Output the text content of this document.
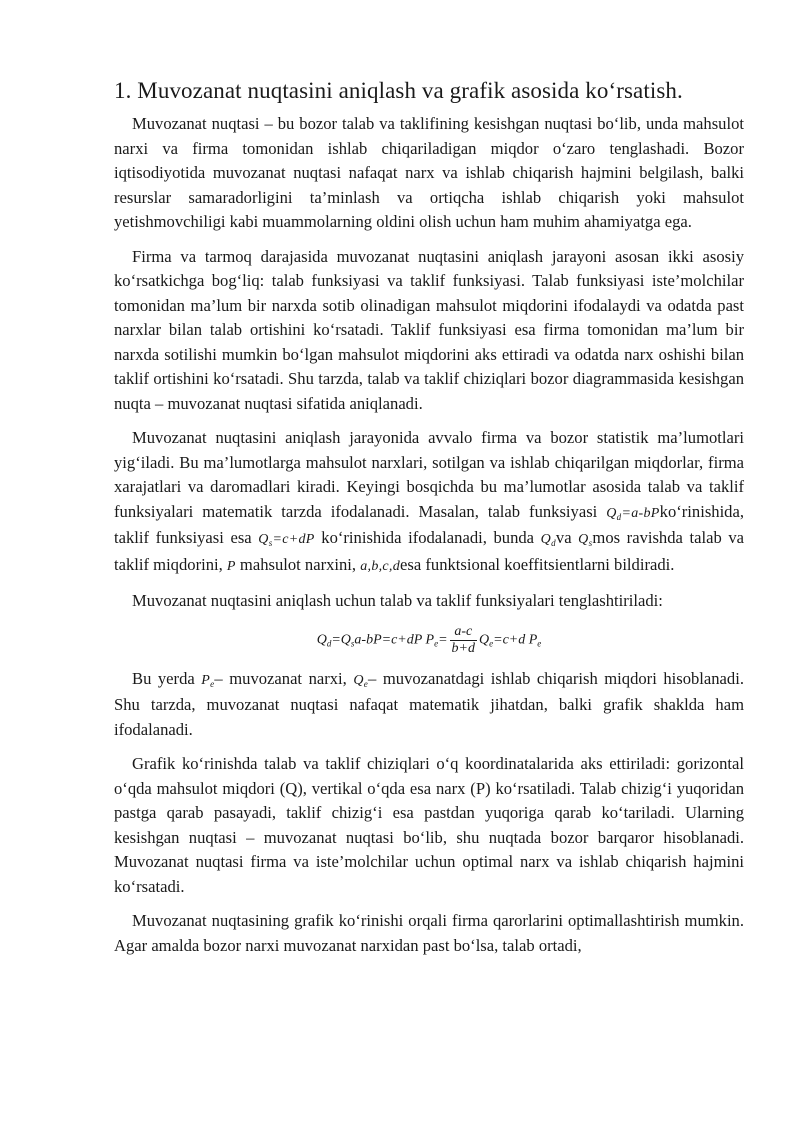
1. Muvozanat nuqtasini aniqlash va grafik asosida ko‘rsatish.

Muvozanat nuqtasi – bu bozor talab va taklifining kesishgan nuqtasi bo‘lib, unda mahsulot narxi va firma tomonidan ishlab chiqariladigan miqdor o‘zaro tenglashadi. Bozor iqtisodiyotida muvozanat nuqtasi nafaqat narx va ishlab chiqarish hajmini belgilash, balki resurslar samaradorligini ta’minlash va ortiqcha ishlab chiqarish yoki mahsulot yetishmovchiligi kabi muammolarning oldini olish uchun ham muhim ahamiyatga ega.

Firma va tarmoq darajasida muvozanat nuqtasini aniqlash jarayoni asosan ikki asosiy ko‘rsatkichga bog‘liq: talab funksiyasi va taklif funksiyasi. Talab funksiyasi iste’molchilar tomonidan ma’lum bir narxda sotib olinadigan mahsulot miqdorini ifodalaydi va odatda past narxlar bilan talab ortishini ko‘rsatadi. Taklif funksiyasi esa firma tomonidan ma’lum bir narxda sotilishi mumkin bo‘lgan mahsulot miqdorini aks ettiradi va odatda narx oshishi bilan taklif ortishini ko‘rsatadi. Shu tarzda, talab va taklif chiziqlari bozor diagrammasida kesishgan nuqta – muvozanat nuqtasi sifatida aniqlanadi.

Muvozanat nuqtasini aniqlash jarayonida avvalo firma va bozor statistik ma’lumotlari yig‘iladi. Bu ma’lumotlarga mahsulot narxlari, sotilgan va ishlab chiqarilgan miqdorlar, firma xarajatlari va daromadlari kiradi. Keyingi bosqichda bu ma’lumotlar asosida talab va taklif funksiyalari matematik tarzda ifodalanadi. Masalan, talab funksiyasi $Q_d=a-bPko‘rinishida$, taklif funksiyasi esa $Q_s=c+dP$ ko‘rinishida ifodalanadi, bunda $Q_dva$ $Q_smos$ ravishda talab va taklif miqdorini, P mahsulot narxini, a,b,c,desa funktsional koeffitsientlarni bildiradi.

Muvozanat nuqtasini aniqlash uchun talab va taklif funksiyalari tenglashtiriladi:

$Q_d=Q_sa-bP=c+dP$ $P_e= \frac{a-c}{b+d} Q_e=c+d$ $P_e$

Bu yerda $P_e-$ muvozanat narxi, $Q_e-$ muvozanatdagi ishlab chiqarish miqdori hisoblanadi. Shu tarzda, muvozanat nuqtasi nafaqat matematik jihatdan, balki grafik shaklda ham ifodalanadi.

Grafik ko‘rinishda talab va taklif chiziqlari o‘q koordinatalarida aks ettiriladi: gorizontal o‘qda mahsulot miqdori (Q), vertikal o‘qda esa narx (P) ko‘rsatiladi. Talab chizig‘i yuqoridan pastga qarab pasayadi, taklif chizig‘i esa pastdan yuqoriga qarab ko‘tariladi. Ularning kesishgan nuqtasi – muvozanat nuqtasi bo‘lib, shu nuqtada bozor barqaror hisoblanadi. Muvozanat nuqtasi firma va iste’molchilar uchun optimal narx va ishlab chiqarish hajmini ko‘rsatadi.

Muvozanat nuqtasining grafik ko‘rinishi orqali firma qarorlarini optimallashtirish mumkin. Agar amalda bozor narxi muvozanat narxidan past bo‘lsa, talab ortadi,
